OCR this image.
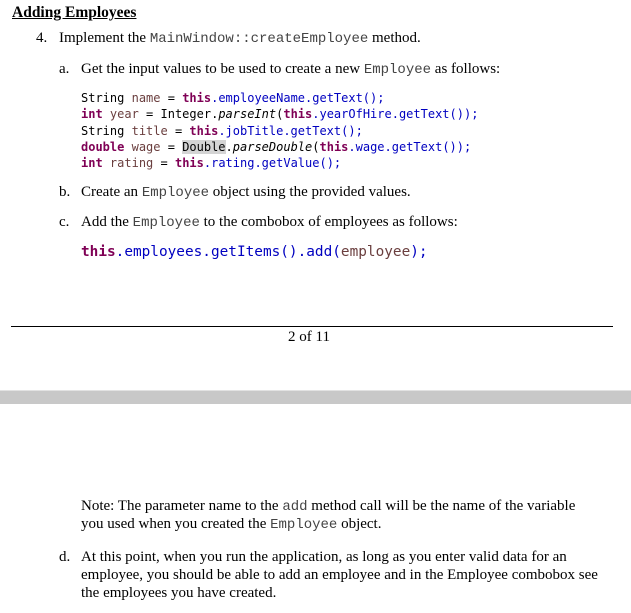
Adding Employees
4. Implement the MainWindow::createEmployee method.
a. Get the input values to be used to create a new Employee as follows:
String name = this.employeeName.getText();
int year = Integer.parseInt(this.yearOfHire.getText());
String title = this.jobTitle.getText();
double wage = Double.parseDouble(this.wage.getText());
int rating = this.rating.getValue();
b. Create an Employee object using the provided values.
c. Add the Employee to the combobox of employees as follows:
this.employees.getItems().add(employee);
2 of 11
Note: The parameter name to the add method call will be the name of the variable
you used when you created the Employee object.
d. At this point, when you run the application, as long as you enter valid data for an
employee, you should be able to add an employee and in the Employee combobox see
the employees you have created.
